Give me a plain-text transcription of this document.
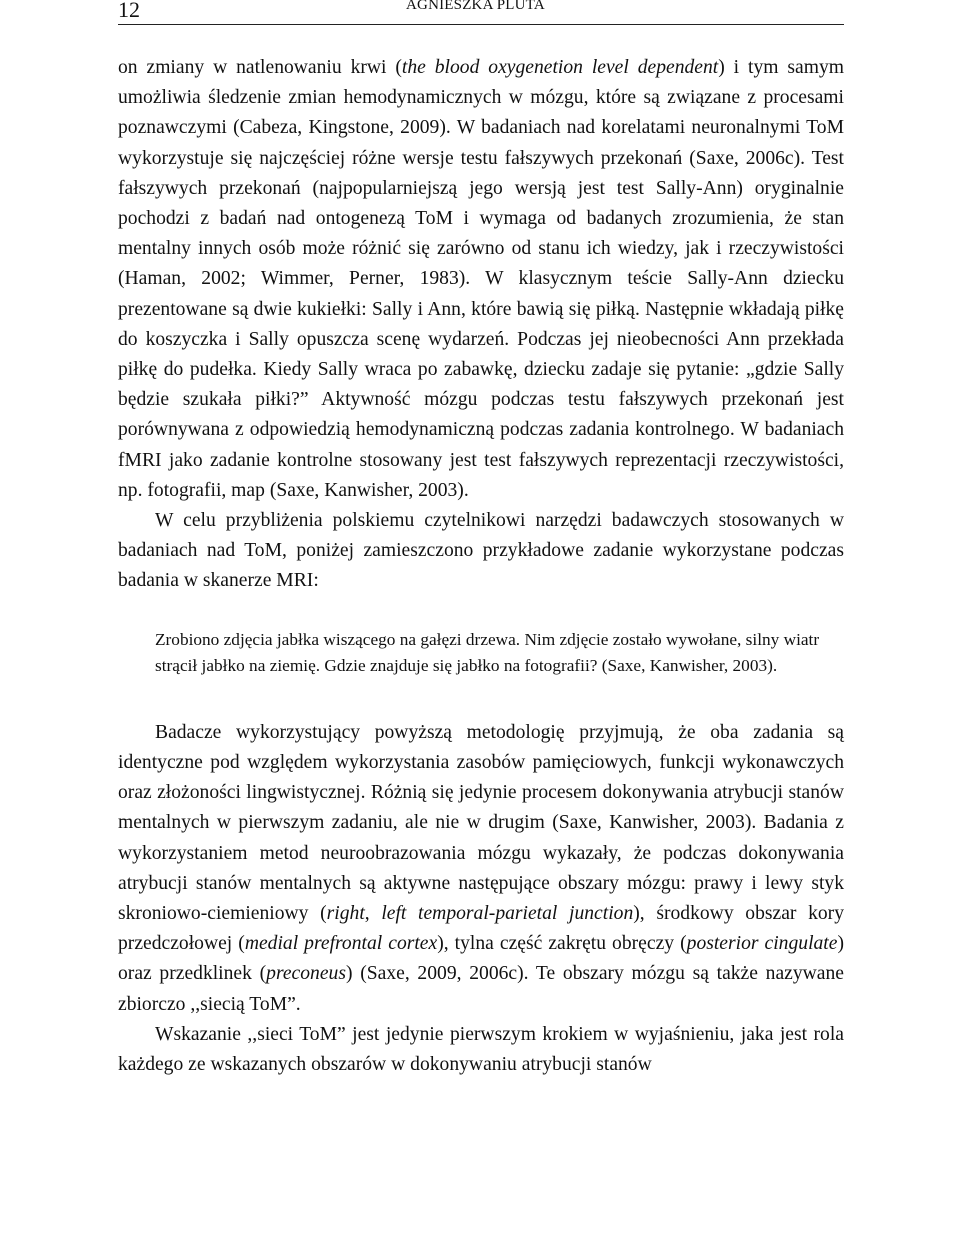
12	AGNIESZKA PLUTA

on zmiany w natlenowaniu krwi (the blood oxygenetion level dependent) i tym samym umożliwia śledzenie zmian hemodynamicznych w mózgu, które są związane z procesami poznawczymi (Cabeza, Kingstone, 2009). W badaniach nad korelatami neuronalnymi ToM wykorzystuje się najczęściej różne wersje testu fałszywych przekonań (Saxe, 2006c). Test fałszywych przekonań (najpopularniejszą jego wersją jest test Sally-Ann) oryginalnie pochodzi z badań nad ontogenezą ToM i wymaga od badanych zrozumienia, że stan mentalny innych osób może różnić się zarówno od stanu ich wiedzy, jak i rzeczywistości (Haman, 2002; Wimmer, Perner, 1983). W klasycznym teście Sally-Ann dziecku prezentowane są dwie kukiełki: Sally i Ann, które bawią się piłką. Następnie wkładają piłkę do koszyczka i Sally opuszcza scenę wydarzeń. Podczas jej nieobecności Ann przekłada piłkę do pudełka. Kiedy Sally wraca po zabawkę, dziecku zadaje się pytanie: „gdzie Sally będzie szukała piłki?” Aktywność mózgu podczas testu fałszywych przekonań jest porównywana z odpowiedzią hemodynamiczną podczas zadania kontrolnego. W badaniach fMRI jako zadanie kontrolne stosowany jest test fałszywych reprezentacji rzeczywistości, np. fotografii, map (Saxe, Kanwisher, 2003).

W celu przybliżenia polskiemu czytelnikowi narzędzi badawczych stosowanych w badaniach nad ToM, poniżej zamieszczono przykładowe zadanie wykorzystane podczas badania w skanerze MRI:

Zrobiono zdjęcia jabłka wiszącego na gałęzi drzewa. Nim zdjęcie zostało wywołane, silny wiatr strącił jabłko na ziemię. Gdzie znajduje się jabłko na fotografii? (Saxe, Kanwisher, 2003).

Badacze wykorzystujący powyższą metodologię przyjmują, że oba zadania są identyczne pod względem wykorzystania zasobów pamięciowych, funkcji wykonawczych oraz złożoności lingwistycznej. Różnią się jedynie procesem dokonywania atrybucji stanów mentalnych w pierwszym zadaniu, ale nie w drugim (Saxe, Kanwisher, 2003). Badania z wykorzystaniem metod neuroobrazowania mózgu wykazały, że podczas dokonywania atrybucji stanów mentalnych są aktywne następujące obszary mózgu: prawy i lewy styk skroniowo-ciemieniowy (right, left temporal-parietal junction), środkowy obszar kory przedczołowej (medial prefrontal cortex), tylna część zakrętu obręczy (posterior cingulate) oraz przedklinek (preconeus) (Saxe, 2009, 2006c). Te obszary mózgu są także nazywane zbiorczo ,,siecią ToM”.

Wskazanie ,,sieci ToM” jest jedynie pierwszym krokiem w wyjaśnieniu, jaka jest rola każdego ze wskazanych obszarów w dokonywaniu atrybucji stanów
